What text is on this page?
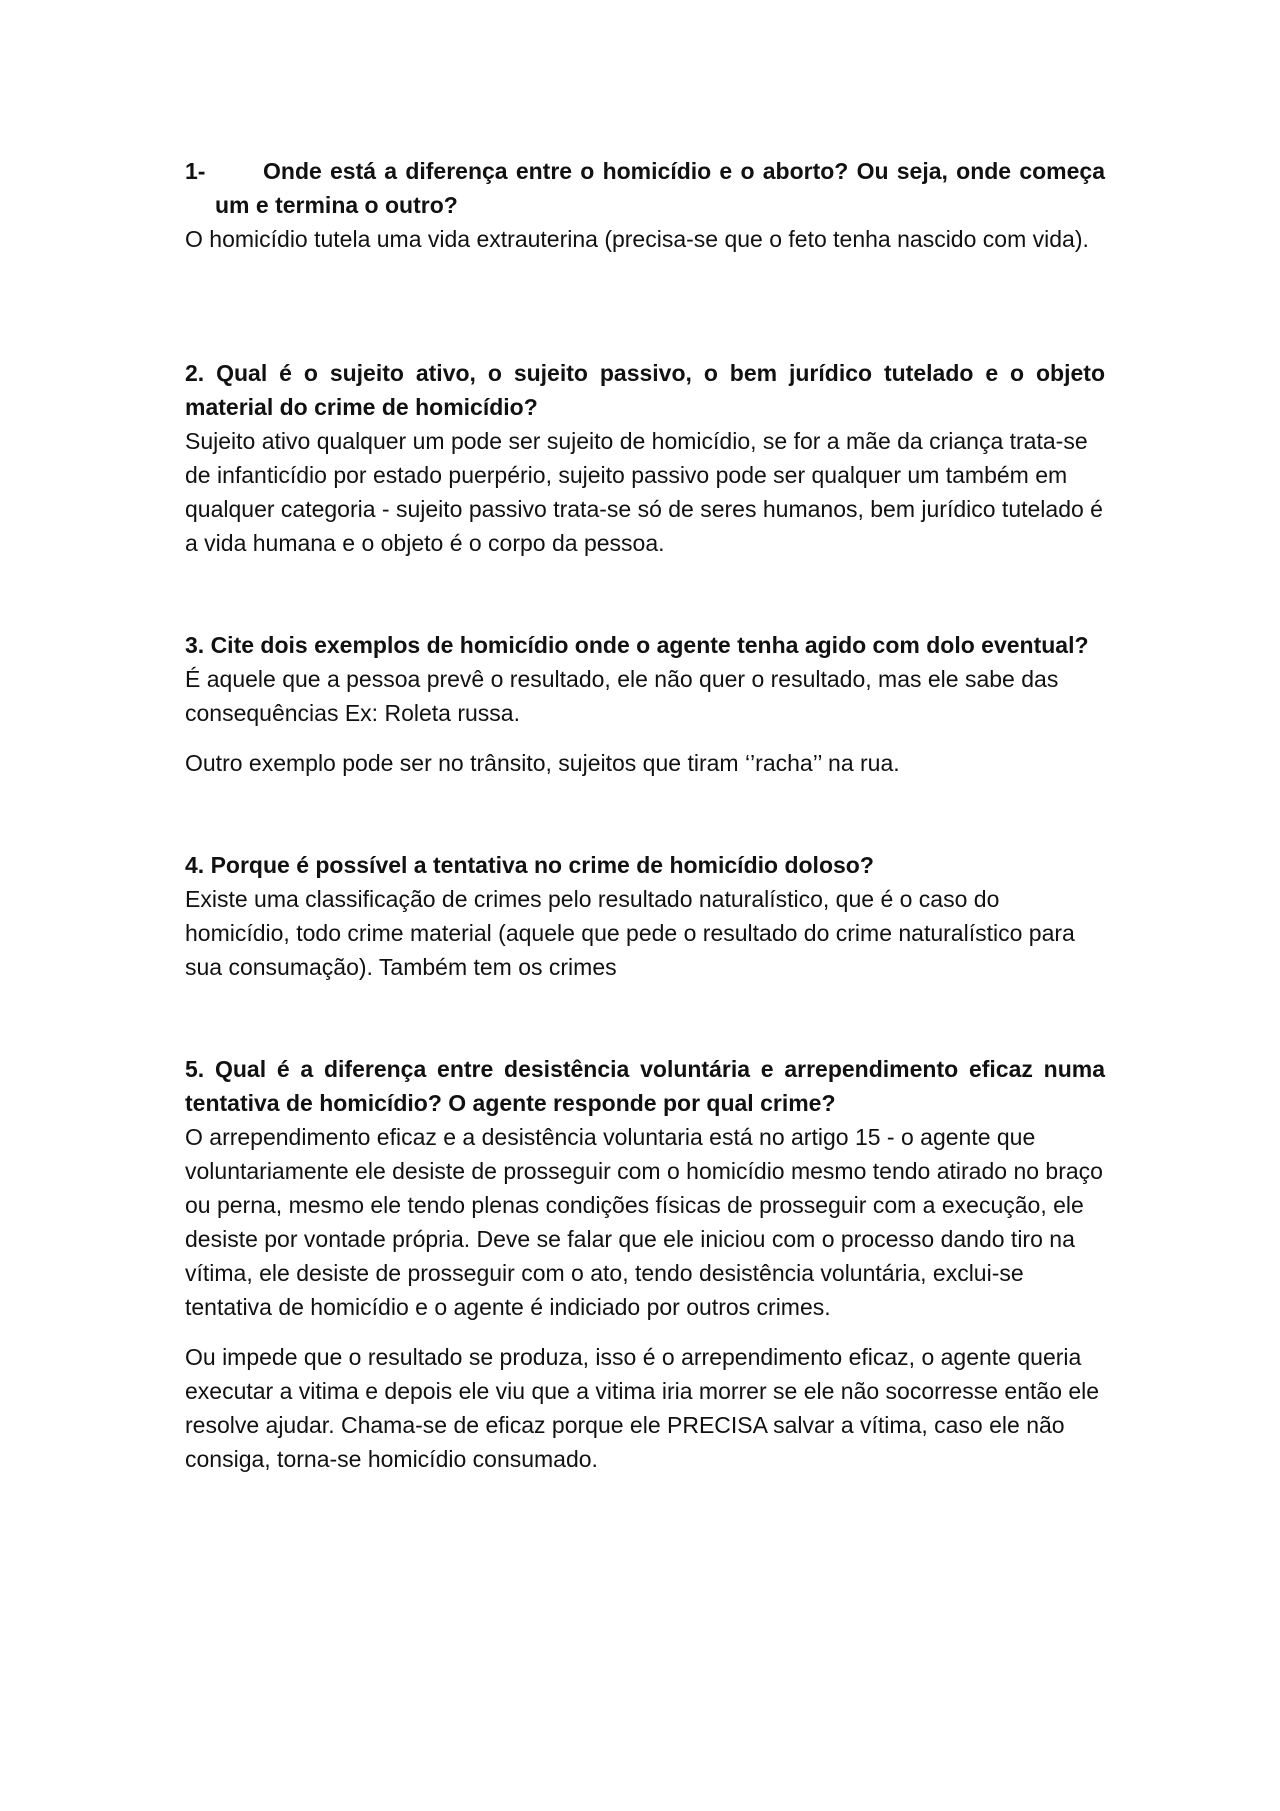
1-	Onde está a diferença entre o homicídio e o aborto? Ou seja, onde começa um e termina o outro?

O homicídio tutela uma vida extrauterina (precisa-se que o feto tenha nascido com vida).

2. Qual é o sujeito ativo, o sujeito passivo, o bem jurídico tutelado e o objeto material do crime de homicídio?

Sujeito ativo qualquer um pode ser sujeito de homicídio, se for a mãe da criança trata-se de infanticídio por estado puerpério, sujeito passivo pode ser qualquer um também em qualquer categoria - sujeito passivo trata-se só de seres humanos, bem jurídico tutelado é a vida humana e o objeto é o corpo da pessoa.

3. Cite dois exemplos de homicídio onde o agente tenha agido com dolo eventual?

É aquele que a pessoa prevê o resultado, ele não quer o resultado, mas ele sabe das consequências Ex: Roleta russa.

Outro exemplo pode ser no trânsito, sujeitos que tiram ‘’racha’’ na rua.

4. Porque é possível a tentativa no crime de homicídio doloso?

Existe uma classificação de crimes pelo resultado naturalístico, que é o caso do homicídio, todo crime material (aquele que pede o resultado do crime naturalístico para sua consumação). Também tem os crimes

5. Qual é a diferença entre desistência voluntária e arrependimento eficaz numa tentativa de homicídio? O agente responde por qual crime?

O arrependimento eficaz e a desistência voluntaria está no artigo 15 - o agente que voluntariamente ele desiste de prosseguir com o homicídio mesmo tendo atirado no braço ou perna, mesmo ele tendo plenas condições físicas de prosseguir com a execução, ele desiste por vontade própria. Deve se falar que ele iniciou com o processo dando tiro na vítima, ele desiste de prosseguir com o ato, tendo desistência voluntária, exclui-se tentativa de homicídio e o agente é indiciado por outros crimes.

Ou impede que o resultado se produza, isso é o arrependimento eficaz, o agente queria executar a vitima e depois ele viu que a vitima iria morrer se ele não socorresse então ele resolve ajudar. Chama-se de eficaz porque ele PRECISA salvar a vítima, caso ele não consiga, torna-se homicídio consumado.
